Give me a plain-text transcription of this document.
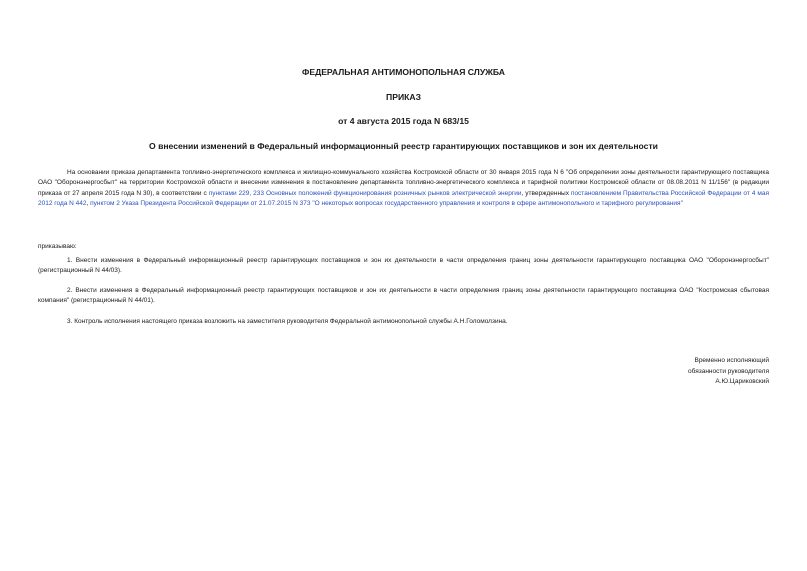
ФЕДЕРАЛЬНАЯ АНТИМОНОПОЛЬНАЯ СЛУЖБА
ПРИКАЗ
от 4 августа 2015 года N 683/15
О внесении изменений в Федеральный информационный реестр гарантирующих поставщиков и зон их деятельности
На основании приказа департамента топливно-энергетического комплекса и жилищно-коммунального хозяйства Костромской области от 30 января 2015 года N 6 "Об определении зоны деятельности гарантирующего поставщика ОАО "Оборонэнергосбыт" на территории Костромской области и внесении изменения в постановление департамента топливно-энергетического комплекса и тарифной политики Костромской области от 08.08.2011 N 11/156" (в редакции приказа от 27 апреля 2015 года N 30), в соответствии с пунктами 229, 233 Основных положений функционирования розничных рынков электрической энергии, утвержденных постановлением Правительства Российской Федерации от 4 мая 2012 года N 442, пунктом 2 Указа Президента Российской Федерации от 21.07.2015 N 373 "О некоторых вопросах государственного управления и контроля в сфере антимонопольного и тарифного регулирования"
приказываю:
1. Внести изменения в Федеральный информационный реестр гарантирующих поставщиков и зон их деятельности в части определения границ зоны деятельности гарантирующего поставщика ОАО "Оборонэнергосбыт" (регистрационный N 44/03).
2. Внести изменения в Федеральный информационный реестр гарантирующих поставщиков и зон их деятельности в части определения границ зоны деятельности гарантирующего поставщика ОАО "Костромская сбытовая компания" (регистрационный N 44/01).
3. Контроль исполнения настоящего приказа возложить на заместителя руководителя Федеральной антимонопольной службы А.Н.Голомолзина.
Временно исполняющий
обязанности руководителя
А.Ю.Цариковский
